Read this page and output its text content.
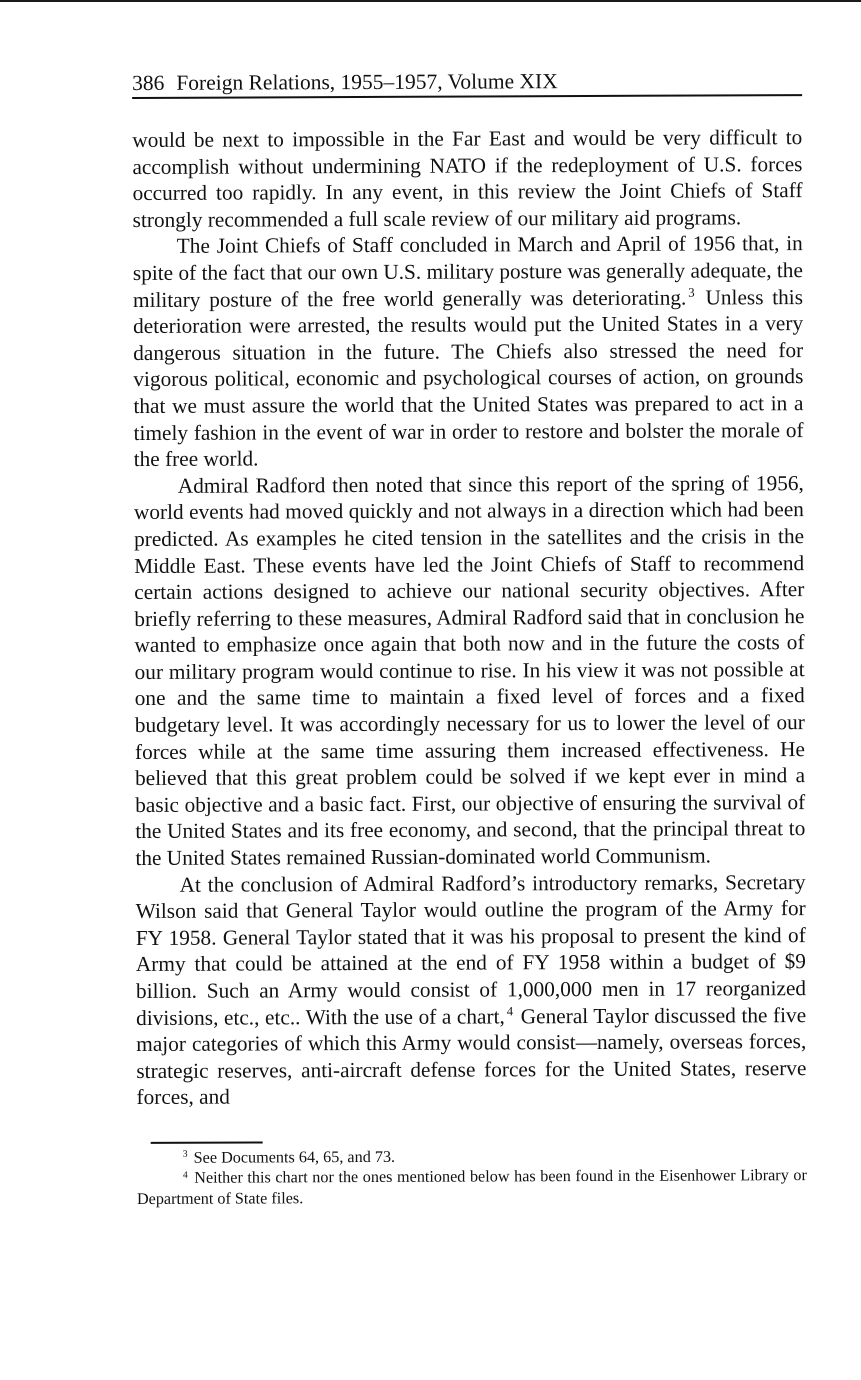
386 Foreign Relations, 1955–1957, Volume XIX

would be next to impossible in the Far East and would be very difficult to accomplish without undermining NATO if the redeployment of U.S. forces occurred too rapidly. In any event, in this review the Joint Chiefs of Staff strongly recommended a full scale review of our military aid programs.

The Joint Chiefs of Staff concluded in March and April of 1956 that, in spite of the fact that our own U.S. military posture was generally adequate, the military posture of the free world generally was deteriorating. $^3$ Unless this deterioration were arrested, the results would put the United States in a very dangerous situation in the future. The Chiefs also stressed the need for vigorous political, economic and psychological courses of action, on grounds that we must assure the world that the United States was prepared to act in a timely fashion in the event of war in order to restore and bolster the morale of the free world.

Admiral Radford then noted that since this report of the spring of 1956, world events had moved quickly and not always in a direction which had been predicted. As examples he cited tension in the satellites and the crisis in the Middle East. These events have led the Joint Chiefs of Staff to recommend certain actions designed to achieve our national security objectives. After briefly referring to these measures, Admiral Radford said that in conclusion he wanted to emphasize once again that both now and in the future the costs of our military program would continue to rise. In his view it was not possible at one and the same time to maintain a fixed level of forces and a fixed budgetary level. It was accordingly necessary for us to lower the level of our forces while at the same time assuring them increased effectiveness. He believed that this great problem could be solved if we kept ever in mind a basic objective and a basic fact. First, our objective of ensuring the survival of the United States and its free economy, and second, that the principal threat to the United States remained Russian-dominated world Communism.

At the conclusion of Admiral Radford’s introductory remarks, Secretary Wilson said that General Taylor would outline the program of the Army for FY 1958. General Taylor stated that it was his proposal to present the kind of Army that could be attained at the end of FY 1958 within a budget of $9 billion. Such an Army would consist of 1,000,000 men in 17 reorganized divisions, etc., etc.. With the use of a chart, $^4$ General Taylor discussed the five major categories of which this Army would consist—namely, overseas forces, strategic reserves, anti-aircraft defense forces for the United States, reserve forces, and

$^3$ See Documents 64, 65, and 73.

$^4$ Neither this chart nor the ones mentioned below has been found in the Eisenhower Library or Department of State files.
